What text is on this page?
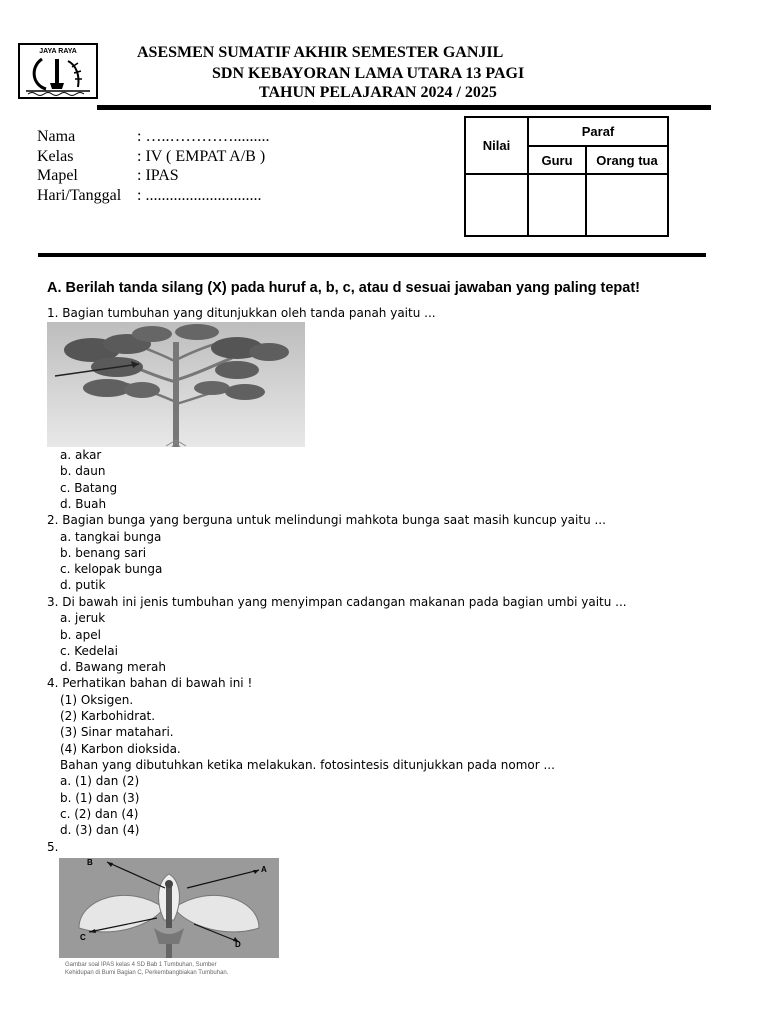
JAYA RAYA	ASESMEN SUMATIF AKHIR SEMESTER GANJIL
SDN KEBAYORAN LAMA UTARA 13 PAGI
TAHUN PELAJARAN 2024 / 2025
Nama	: …..………….........
Kelas	: IV ( EMPAT A/B )
Mapel	: IPAS
Hari/Tanggal : .............................
Nilai	Paraf	
	Guru	Orang tua

A. Berilah tanda silang (X) pada huruf a, b, c, atau d sesuai jawaban yang paling tepat!
1. Bagian tumbuhan yang ditunjukkan oleh tanda panah yaitu ...
a. akar
b. daun
c. Batang
d. Buah
2. Bagian bunga yang berguna untuk melindungi mahkota bunga saat masih kuncup yaitu ...
a. tangkai bunga
b. benang sari
c. kelopak bunga
d. putik
3. Di bawah ini jenis tumbuhan yang menyimpan cadangan makanan pada bagian umbi yaitu ...
a. jeruk
b. apel
c. Kedelai
d. Bawang merah
4. Perhatikan bahan di bawah ini !
(1) Oksigen.
(2) Karbohidrat.
(3) Sinar matahari.
(4) Karbon dioksida.
Bahan yang dibutuhkan ketika melakukan. fotosintesis ditunjukkan pada nomor ...
a. (1) dan (2)
b. (1) dan (3)
c. (2) dan (4)
d. (3) dan (4)
5.
B
A
C
D
Gambar soal IPAS kelas 4 SD Bab 1 Tumbuhan, Sumber
Kehidupan di Bumi Bagian C, Perkembangbiakan Tumbuhan.
